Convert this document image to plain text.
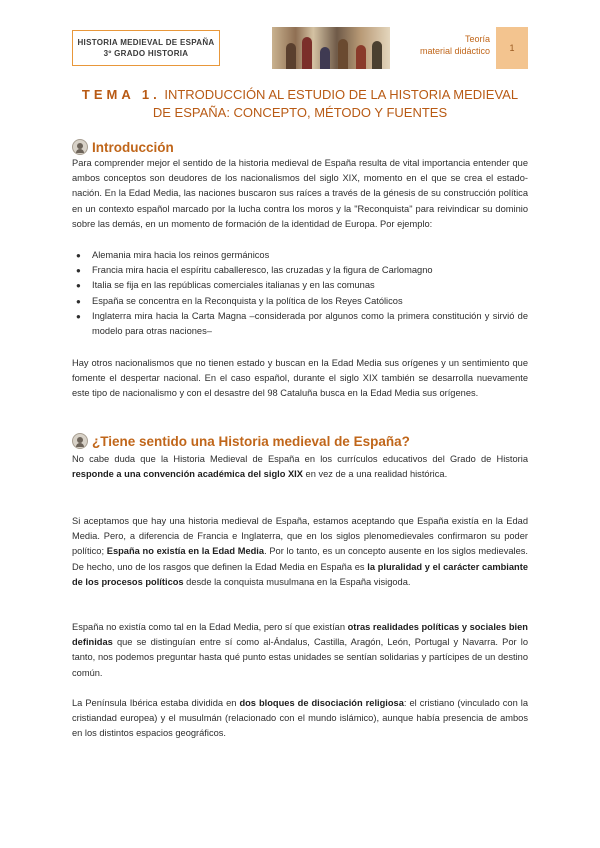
HISTORIA MEDIEVAL DE ESPAÑA
3º GRADO HISTORIA
Teoría
material didáctico	1
TEMA 1. INTRODUCCIÓN AL ESTUDIO DE LA HISTORIA MEDIEVAL
DE ESPAÑA: CONCEPTO, MÉTODO Y FUENTES
Introducción
Para comprender mejor el sentido de la historia medieval de España resulta de vital importancia entender que ambos conceptos son deudores de los nacionalismos del siglo XIX, momento en el que se crea el estado-nación. En la Edad Media, las naciones buscaron sus raíces a través de la génesis de su construcción política en un contexto español marcado por la lucha contra los moros y la "Reconquista" para reivindicar su dominio sobre las demás, en un momento de formación de la identidad de Europa. Por ejemplo:
● Alemania mira hacia los reinos germánicos
● Francia mira hacia el espíritu caballeresco, las cruzadas y la figura de Carlomagno
● Italia se fija en las repúblicas comerciales italianas y en las comunas
● España se concentra en la Reconquista y la política de los Reyes Católicos
● Inglaterra mira hacia la Carta Magna –considerada por algunos como la primera constitución y sirvió de modelo para otras naciones–
Hay otros nacionalismos que no tienen estado y buscan en la Edad Media sus orígenes y un sentimiento que fomente el despertar nacional. En el caso español, durante el siglo XIX también se desarrolla nuevamente este tipo de nacionalismo y con el desastre del 98 Cataluña busca en la Edad Media sus orígenes.
¿Tiene sentido una Historia medieval de España?
No cabe duda que la Historia Medieval de España en los currículos educativos del Grado de Historia responde a una convención académica del siglo XIX en vez de a una realidad histórica.
Si aceptamos que hay una historia medieval de España, estamos aceptando que España existía en la Edad Media. Pero, a diferencia de Francia e Inglaterra, que en los siglos plenomedievales confirmaron su poder político; España no existía en la Edad Media. Por lo tanto, es un concepto ausente en los siglos medievales. De hecho, uno de los rasgos que definen la Edad Media en España es la pluralidad y el carácter cambiante de los procesos políticos desde la conquista musulmana en la España visigoda.
España no existía como tal en la Edad Media, pero sí que existían otras realidades políticas y sociales bien definidas que se distinguían entre sí como al-Ándalus, Castilla, Aragón, León, Portugal y Navarra. Por lo tanto, nos podemos preguntar hasta qué punto estas unidades se sentían solidarias y partícipes de un destino común.
La Península Ibérica estaba dividida en dos bloques de disociación religiosa: el cristiano (vinculado con la cristiandad europea) y el musulmán (relacionado con el mundo islámico), aunque había presencia de ambos en los distintos espacios geográficos.
